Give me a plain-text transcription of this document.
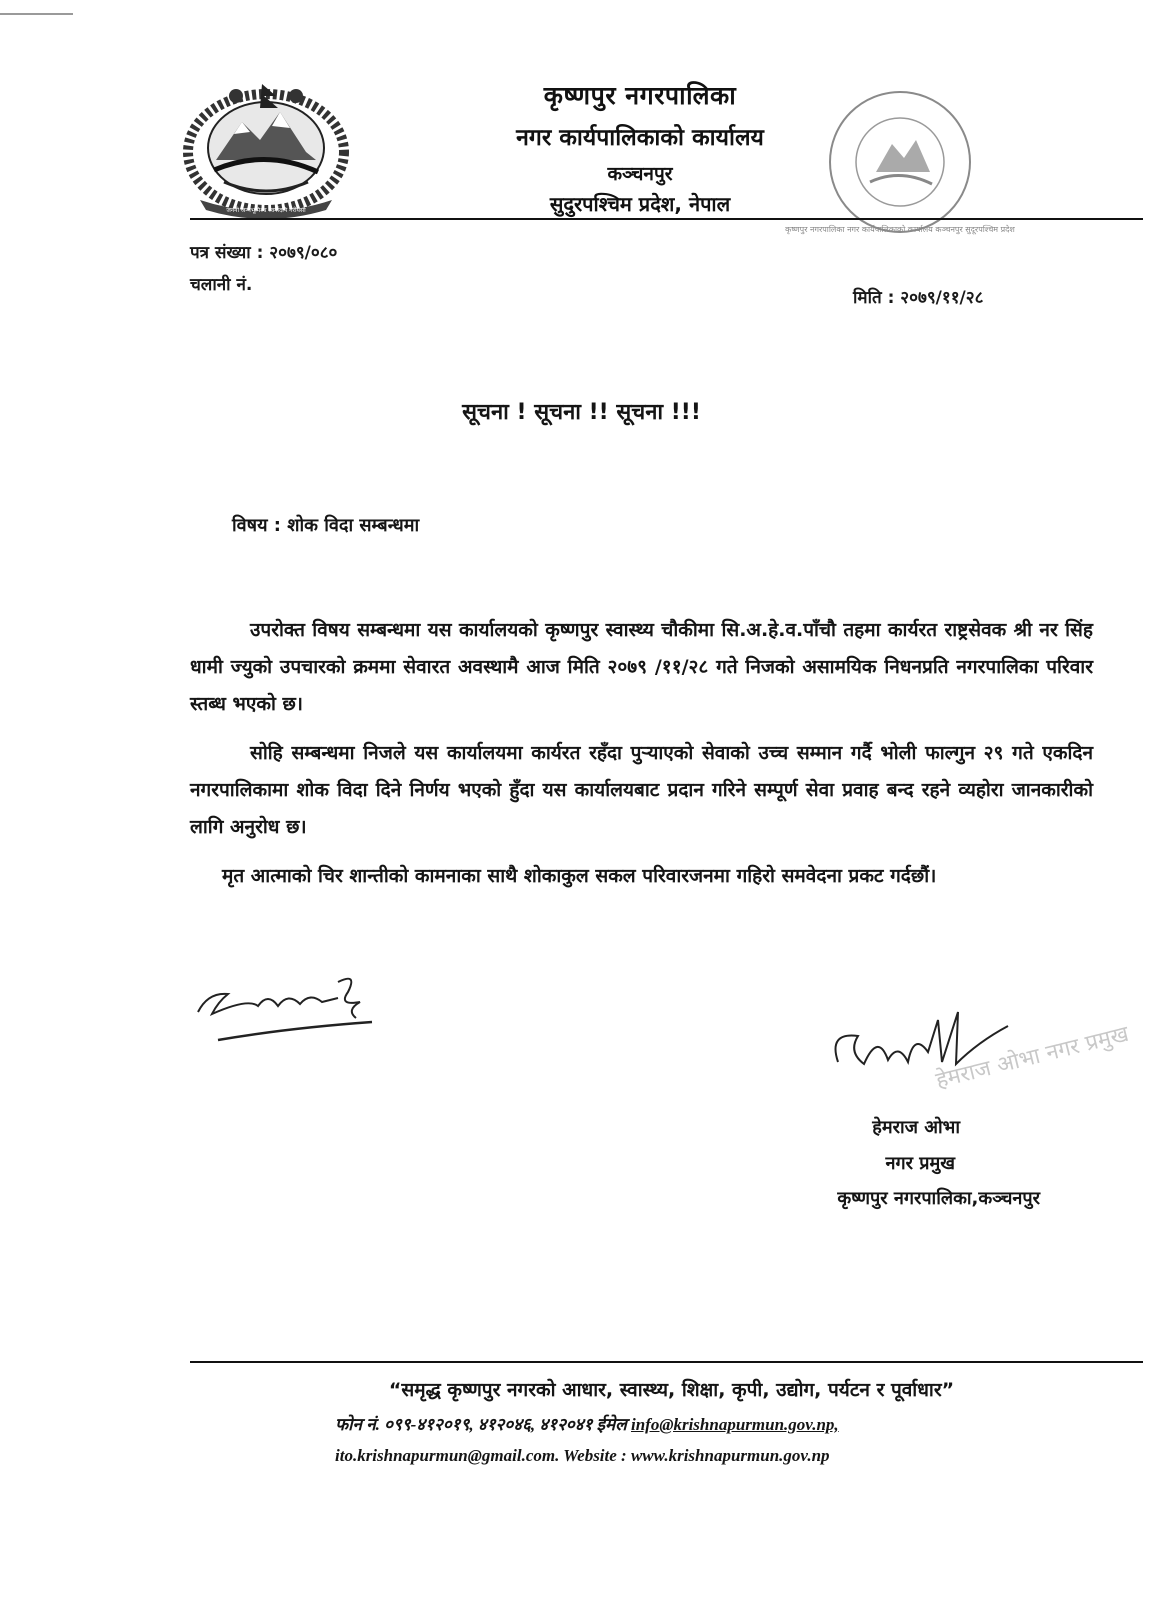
जननी जन्मभूमिश्च स्वर्गादपि गरीयसी
कृष्णपुर नगरपालिका
नगर कार्यपालिकाको कार्यालय
कञ्चनपुर
सुदुरपश्चिम प्रदेश, नेपाल
कृष्णपुर नगरपालिका नगर कार्यपालिकाको कार्यालय कञ्चनपुर सुदूरपश्चिम प्रदेश
पत्र संख्या : २०७९/०८०
चलानी नं.
मिति : २०७९/११/२८
सूचना ! सूचना !! सूचना !!!
विषय : शोक विदा सम्बन्धमा
उपरोक्त विषय सम्बन्धमा यस कार्यालयको कृष्णपुर स्वास्थ्य चौकीमा सि.अ.हे.व.पाँचौ तहमा कार्यरत राष्ट्रसेवक श्री नर सिंह धामी ज्युको उपचारको क्रममा सेवारत अवस्थामै आज मिति २०७९ /११/२८ गते निजको असामयिक निधनप्रति नगरपालिका परिवार स्तब्ध भएको छ।
सोहि सम्बन्धमा निजले यस कार्यालयमा कार्यरत रहँदा पुर्‍याएको सेवाको उच्च सम्मान गर्दै भोली फाल्गुन २९ गते एकदिन नगरपालिकामा शोक विदा दिने निर्णय भएको हुँदा यस कार्यालयबाट प्रदान गरिने सम्पूर्ण सेवा प्रवाह बन्द रहने व्यहोरा जानकारीको लागि अनुरोध छ।
मृत आत्माको चिर शान्तीको कामनाका साथै शोकाकुल सकल परिवारजनमा गहिरो समवेदना प्रकट गर्दछौं।
हेमराज ओभा नगर प्रमुख
हेमराज ओभा
नगर प्रमुख
कृष्णपुर नगरपालिका,कञ्चनपुर
“समृद्ध कृष्णपुर नगरको आधार, स्वास्थ्य, शिक्षा, कृपी, उद्योग, पर्यटन र पूर्वाधार”
फोन नं. ०९९-४१२०१९, ४१२०४६, ४१२०४१ ईमेल info@krishnapurmun.gov.np,
ito.krishnapurmun@gmail.com. Website : www.krishnapurmun.gov.np
